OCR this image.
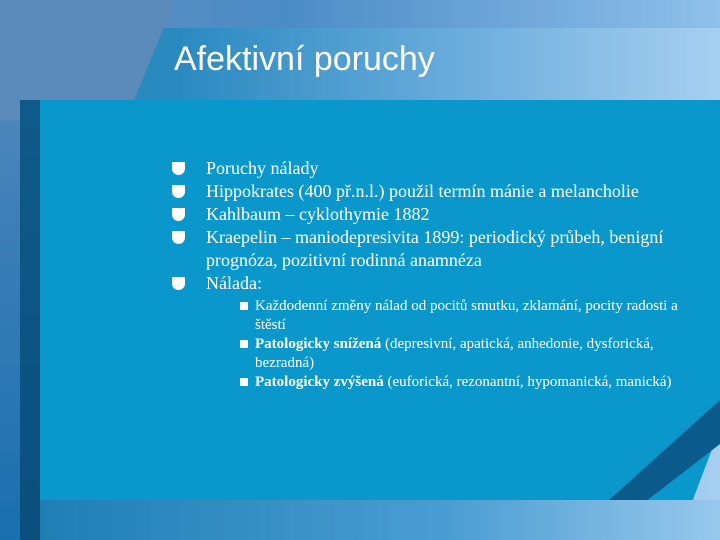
Afektivní poruchy
Poruchy nálady
Hippokrates (400 př.n.l.) použil termín mánie a melancholie
Kahlbaum – cyklothymie 1882
Kraepelin – maniodepresivita 1899: periodický průbeh, benigní prognóza, pozitivní rodinná anamnéza
Nálada:
Každodenní změny nálad od pocitů smutku, zklamání, pocity radosti a štěstí
Patologicky snížená (depresivní, apatická, anhedonie, dysforická, bezradná)
Patologicky zvýšená (euforická, rezonantní, hypomanická, manická)
